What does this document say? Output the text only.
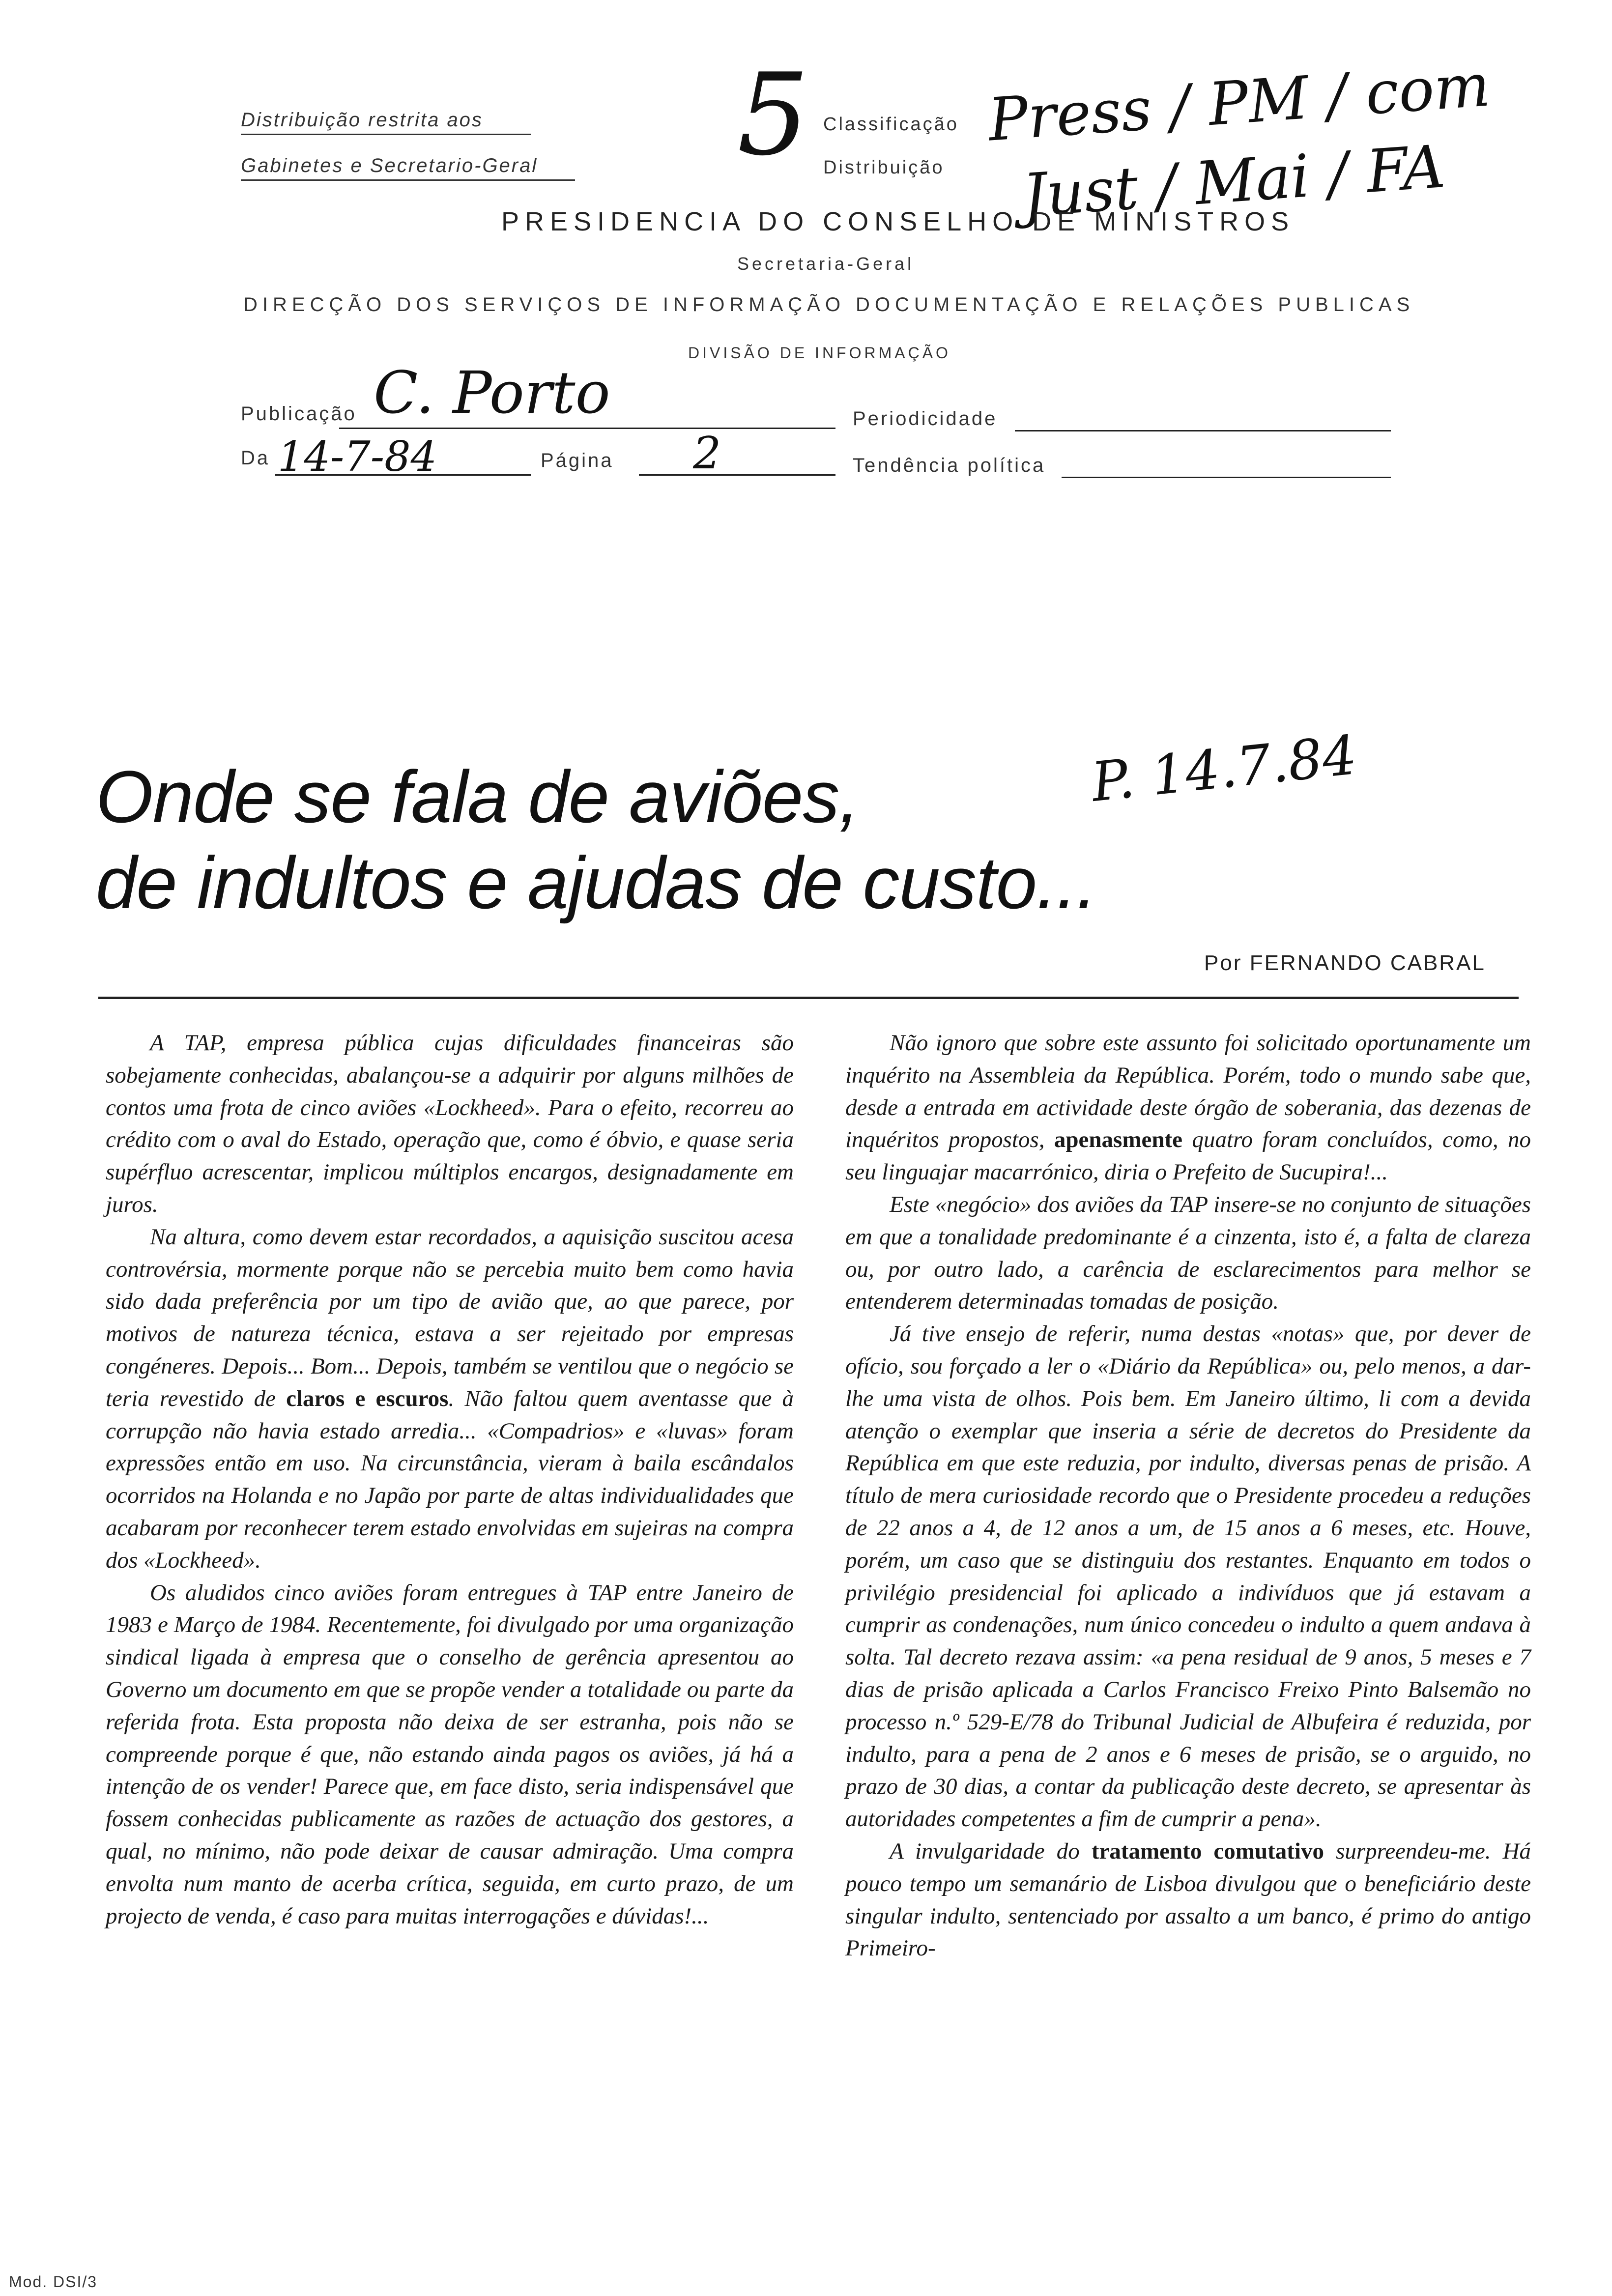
Distribuição restrita aos
Gabinetes e Secretario-Geral 5 Classificação
Distribuição
Press / PM / com
Just / Mai / FA
PRESIDENCIA DO CONSELHO DE MINISTROS
Secretaria-Geral
DIRECÇÃO DOS SERVIÇOS DE INFORMAÇÃO DOCUMENTAÇÃO E RELAÇÕES PUBLICAS
DIVISÃO DE INFORMAÇÃO
Publicação C. Porto	Periodicidade
Da 14-7-84	Página 2	Tendência política
Onde se fala de aviões,
de indultos e ajudas de custo...
P. 14.7.84
Por FERNANDO CABRAL

A TAP, empresa pública cujas dificuldades financeiras são sobejamente conhecidas, abalançou-se a adquirir por alguns milhões de contos uma frota de cinco aviões «Lockheed». Para o efeito, recorreu ao crédito com o aval do Estado, operação que, como é óbvio, e quase seria supérfluo acrescentar, implicou múltiplos encargos, designadamente em juros.

Na altura, como devem estar recordados, a aquisição suscitou acesa controvérsia, mormente porque não se percebia muito bem como havia sido dada preferência por um tipo de avião que, ao que parece, por motivos de natureza técnica, estava a ser rejeitado por empresas congéneres. Depois... Bom... Depois, também se ventilou que o negócio se teria revestido de claros e escuros. Não faltou quem aventasse que à corrupção não havia estado arredia... «Compadrios» e «luvas» foram expressões então em uso. Na circunstância, vieram à baila escândalos ocorridos na Holanda e no Japão por parte de altas individualidades que acabaram por reconhecer terem estado envolvidas em sujeiras na compra dos «Lockheed».

Os aludidos cinco aviões foram entregues à TAP entre Janeiro de 1983 e Março de 1984. Recentemente, foi divulgado por uma organização sindical ligada à empresa que o conselho de gerência apresentou ao Governo um documento em que se propõe vender a totalidade ou parte da referida frota. Esta proposta não deixa de ser estranha, pois não se compreende porque é que, não estando ainda pagos os aviões, já há a intenção de os vender! Parece que, em face disto, seria indispensável que fossem conhecidas publicamente as razões de actuação dos gestores, a qual, no mínimo, não pode deixar de causar admiração. Uma compra envolta num manto de acerba crítica, seguida, em curto prazo, de um projecto de venda, é caso para muitas interrogações e dúvidas!...

Não ignoro que sobre este assunto foi solicitado oportunamente um inquérito na Assembleia da República. Porém, todo o mundo sabe que, desde a entrada em actividade deste órgão de soberania, das dezenas de inquéritos propostos, apenasmente quatro foram concluídos, como, no seu linguajar macarrónico, diria o Prefeito de Sucupira!...

Este «negócio» dos aviões da TAP insere-se no conjunto de situações em que a tonalidade predominante é a cinzenta, isto é, a falta de clareza ou, por outro lado, a carência de esclarecimentos para melhor se entenderem determinadas tomadas de posição.

Já tive ensejo de referir, numa destas «notas» que, por dever de ofício, sou forçado a ler o «Diário da República» ou, pelo menos, a dar-lhe uma vista de olhos. Pois bem. Em Janeiro último, li com a devida atenção o exemplar que inseria a série de decretos do Presidente da República em que este reduzia, por indulto, diversas penas de prisão. A título de mera curiosidade recordo que o Presidente procedeu a reduções de 22 anos a 4, de 12 anos a um, de 15 anos a 6 meses, etc. Houve, porém, um caso que se distinguiu dos restantes. Enquanto em todos o privilégio presidencial foi aplicado a indivíduos que já estavam a cumprir as condenações, num único concedeu o indulto a quem andava à solta. Tal decreto rezava assim: «a pena residual de 9 anos, 5 meses e 7 dias de prisão aplicada a Carlos Francisco Freixo Pinto Balsemão no processo n.º 529-E/78 do Tribunal Judicial de Albufeira é reduzida, por indulto, para a pena de 2 anos e 6 meses de prisão, se o arguido, no prazo de 30 dias, a contar da publicação deste decreto, se apresentar às autoridades competentes a fim de cumprir a pena».

A invulgaridade do tratamento comutativo surpreendeu-me. Há pouco tempo um semanário de Lisboa divulgou que o beneficiário deste singular indulto, sentenciado por assalto a um banco, é primo do antigo Primeiro-

Mod. DSI/3
